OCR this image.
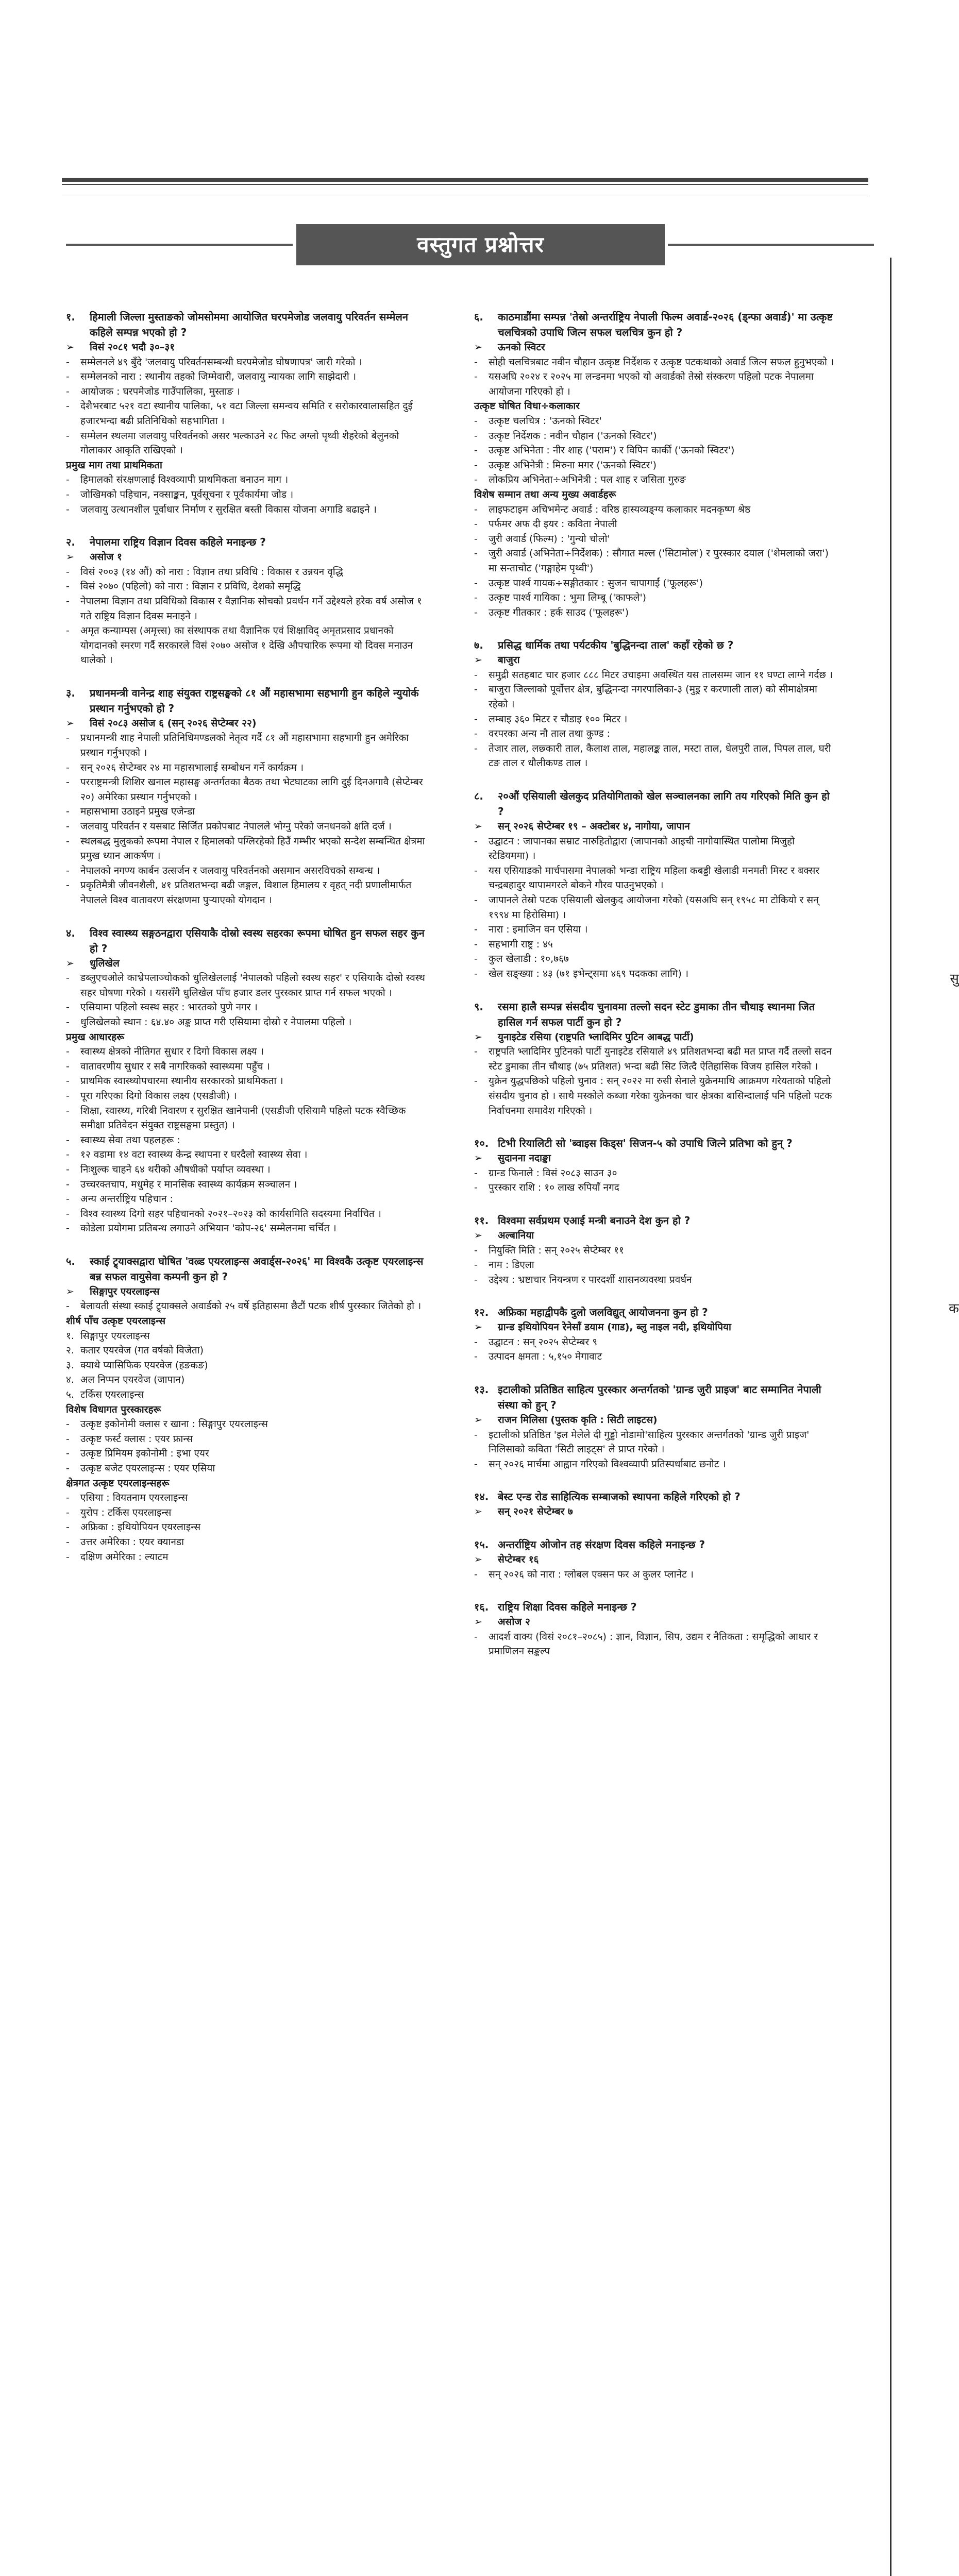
वस्तुगत प्रश्नोत्तर
सु
क
१.	हिमाली जिल्ला मुस्ताङको जोमसोममा आयोजित घरपमेजोड जलवायु परिवर्तन सम्मेलन कहिले सम्पन्न भएको हो ?
➢	विसं २०८१ भदौ ३०–३१
-	सम्मेलनले ४९ बुँदे 'जलवायु परिवर्तनसम्बन्धी घरपमेजोड घोषणापत्र' जारी गरेको ।
-	सम्मेलनको नारा : स्थानीय तहको जिम्मेवारी, जलवायु न्यायका लागि साझेदारी ।
-	आयोजक : घरपमेजोड गाउँपालिका, मुस्ताङ ।
-	देशैभरबाट ५२१ वटा स्थानीय पालिका, ५१ वटा जिल्ला समन्वय समिति र सरोकारवालासहित दुई हजारभन्दा बढी प्रतिनिधिको सहभागिता ।
-	सम्मेलन स्थलमा जलवायु परिवर्तनको असर भल्काउने २८ फिट अग्लो पृथ्वी शैहरेको बेलुनको गोलाकार आकृति राखिएको ।
प्रमुख माग तथा प्राथमिकता
-	हिमालको संरक्षणलाई विश्वव्यापी प्राथमिकता बनाउन माग ।
-	जोखिमको पहिचान, नक्साङ्कन, पूर्वसूचना र पूर्वकार्यमा जोड ।
-	जलवायु उत्थानशील पूर्वाधार निर्माण र सुरक्षित बस्ती विकास योजना अगाडि बढाइने ।
२.	नेपालमा राष्ट्रिय विज्ञान दिवस कहिले मनाइन्छ ?
➢	असोज १
-	विसं २००३ (१४ औं) को नारा : विज्ञान तथा प्रविधि : विकास र उन्नयन वृद्धि
-	विसं २०७० (पहिलो) को नारा : विज्ञान र प्रविधि, देशको समृद्धि
-	नेपालमा विज्ञान तथा प्रविधिको विकास र वैज्ञानिक सोचको प्रवर्धन गर्ने उद्देश्यले हरेक वर्ष असोज १ गते राष्ट्रिय विज्ञान दिवस मनाइने ।
-	अमृत कन्याम्पस (अमृत्त्स) का संस्थापक तथा वैज्ञानिक एवं शिक्षाविद् अमृतप्रसाद प्रधानको योगदानको स्मरण गर्दै सरकारले विसं २०७० असोज १ देखि औपचारिक रूपमा यो दिवस मनाउन थालेको ।
३.	प्रधानमन्त्री वानेन्द्र शाह संयुक्त राष्ट्रसङ्घको ८१ औं महासभामा सहभागी हुन कहिले न्युयोर्क प्रस्थान गर्नुभएको हो ?
➢	विसं २०८३ असोज ६ (सन् २०२६ सेप्टेम्बर २२)
-	प्रधानमन्त्री शाह नेपाली प्रतिनिधिमण्डलको नेतृत्व गर्दै ८१ औं महासभामा सहभागी हुन अमेरिका प्रस्थान गर्नुभएको ।
-	सन् २०२६ सेप्टेम्बर २४ मा महासभालाई सम्बोधन गर्ने कार्यक्रम ।
-	परराष्ट्रमन्त्री शिशिर खनाल महासङ्घ अन्तर्गतका बैठक तथा भेटघाटका लागि दुई दिनअगावै (सेप्टेम्बर २०) अमेरिका प्रस्थान गर्नुभएको ।
-	महासभामा उठाइने प्रमुख एजेन्डा
-	जलवायु परिवर्तन र यसबाट सिर्जित प्रकोपबाट नेपालले भोग्नु परेको जनधनको क्षति दर्ज ।
-	स्थलबद्ध मुलुकको रूपमा नेपाल र हिमालको पग्लिरहेको हिउँ गम्भीर भएको सन्देश सम्बन्धित क्षेत्रमा प्रमुख ध्यान आकर्षण ।
-	नेपालको नगण्य कार्बन उत्सर्जन र जलवायु परिवर्तनको असमान असरविचको सम्बन्ध ।
-	प्रकृतिमैत्री जीवनशैली, ४१ प्रतिशतभन्दा बढी जङ्गल, विशाल हिमालय र वृहत् नदी प्रणालीमार्फत नेपालले विश्व वातावरण संरक्षणमा पुर्‍याएको योगदान ।
४.	विश्व स्वास्थ्य सङ्गठनद्वारा एसियाकै दोस्रो स्वस्थ सहरका रूपमा घोषित हुन सफल सहर कुन हो ?
➢	धुलिखेल
-	डब्लुएचओले काभ्रेपलाञ्चोकको धुलिखेललाई 'नेपालको पहिलो स्वस्थ सहर' र एसियाकै दोस्रो स्वस्थ सहर घोषणा गरेको । यससँगै धुलिखेल पाँच हजार डलर पुरस्कार प्राप्त गर्न सफल भएको ।
-	एसियामा पहिलो स्वस्थ सहर : भारतको पुणे नगर ।
-	धुलिखेलको स्थान : ६४.४० अङ्क प्राप्त गरी एसियामा दोस्रो र नेपालमा पहिलो ।
प्रमुख आधारहरू
-	स्वास्थ्य क्षेत्रको नीतिगत सुधार र दिगो विकास लक्ष्य ।
-	वातावरणीय सुधार र सबै नागरिकको स्वास्थ्यमा पहुँच ।
-	प्राथमिक स्वास्थ्योपचारमा स्थानीय सरकारको प्राथमिकता ।
-	पूरा गरिएका दिगो विकास लक्ष्य (एसडीजी) ।
-	शिक्षा, स्वास्थ्य, गरिबी निवारण र सुरक्षित खानेपानी (एसडीजी एसियामै पहिलो पटक स्वैच्छिक समीक्षा प्रतिवेदन संयुक्त राष्ट्रसङ्घमा प्रस्तुत) ।
-	स्वास्थ्य सेवा तथा पहलहरू :
-	१२ वडामा १४ वटा स्वास्थ्य केन्द्र स्थापना र घरदैलो स्वास्थ्य सेवा ।
-	निःशुल्क चाहने ६४ थरीको औषधीको पर्याप्त व्यवस्था ।
-	उच्चरक्तचाप, मधुमेह र मानसिक स्वास्थ्य कार्यक्रम सञ्चालन ।
-	अन्य अन्तर्राष्ट्रिय पहिचान :
-	विश्व स्वास्थ्य दिगो सहर पहिचानको २०२१–२०२३ को कार्यसमिति सदस्यमा निर्वाचित ।
-	कोडेला प्रयोगमा प्रतिबन्ध लगाउने अभियान 'कोप-२६' सम्मेलनमा चर्चित ।
५.	स्काई ट्र्याक्सद्वारा घोषित 'वल्र्ड एयरलाइन्स अवार्ड्स-२०२६' मा विश्वकै उत्कृष्ट एयरलाइन्स बन्न सफल वायुसेवा कम्पनी कुन हो ?
➢	सिङ्गापुर एयरलाइन्स
-	बेलायती संस्था स्काई ट्र्याक्सले अवार्डको २५ वर्षे इतिहासमा छैटौं पटक शीर्ष पुरस्कार जितेको हो ।
शीर्ष पाँच उत्कृष्ट एयरलाइन्स
१. सिङ्गापुर एयरलाइन्स
२. कतार एयरवेज (गत वर्षको विजेता)
३. क्याथे प्यासिफिक एयरवेज (हङकङ)
४. अल निप्पन एयरवेज (जापान)
५. टर्किस एयरलाइन्स
विशेष विधागत पुरस्कारहरू
-	उत्कृष्ट इकोनोमी क्लास र खाना : सिङ्गापुर एयरलाइन्स
-	उत्कृष्ट फर्स्ट क्लास : एयर फ्रान्स
-	उत्कृष्ट प्रिमियम इकोनोमी : इभा एयर
-	उत्कृष्ट बजेट एयरलाइन्स : एयर एसिया
क्षेत्रगत उत्कृष्ट एयरलाइन्सहरू
-	एसिया : वियतनाम एयरलाइन्स
-	युरोप : टर्किस एयरलाइन्स
-	अफ्रिका : इथियोपियन एयरलाइन्स
-	उत्तर अमेरिका : एयर क्यानडा
-	दक्षिण अमेरिका : ल्याटम
६.	काठमाडौंमा सम्पन्न 'तेस्रो अन्तर्राष्ट्रिय नेपाली फिल्म अवार्ड-२०२६ (ड्न्फा अवार्ड)' मा उत्कृष्ट चलचित्रको उपाधि जित्न सफल चलचित्र कुन हो ?
➢	ऊनको स्विटर
-	सोही चलचित्रबाट नवीन चौहान उत्कृष्ट निर्देशक र उत्कृष्ट पटकथाको अवार्ड जित्न सफल हुनुभएको ।
-	यसअघि २०२४ र २०२५ मा लन्डनमा भएको यो अवार्डको तेस्रो संस्करण पहिलो पटक नेपालमा आयोजना गरिएको हो ।
उत्कृष्ट घोषित विधा÷कलाकार
-	उत्कृष्ट चलचित्र : 'ऊनको स्विटर'
-	उत्कृष्ट निर्देशक : नवीन चौहान ('ऊनको स्विटर')
-	उत्कृष्ट अभिनेता : नीर शाह ('पराम') र विपिन कार्की ('ऊनको स्विटर')
-	उत्कृष्ट अभिनेत्री : मिरुना मगर ('ऊनको स्विटर')
-	लोकप्रिय अभिनेता÷अभिनेत्री : पल शाह र जसिता गुरुङ
विशेष सम्मान तथा अन्य मुख्य अवार्डहरू
-	लाइफटाइम अचिभमेन्ट अवार्ड : वरिष्ठ हास्यव्यङ्ग्य कलाकार मदनकृष्ण श्रेष्ठ
-	पर्फमर अफ दी इयर : कविता नेपाली
-	जुरी अवार्ड (फिल्म) : 'गुन्यो चोलो'
-	जुरी अवार्ड (अभिनेता÷निर्देशक) : सौगात मल्ल ('सिटामोल') र पुरस्कार दयाल ('शेमलाको जरा') मा सन्ताचोट ('गङ्गाहेम पृथ्वी')
-	उत्कृष्ट पार्श्व गायक÷सङ्गीतकार : सुजन चापागाईं ('फूलहरू')
-	उत्कृष्ट पार्श्व गायिका : भुमा लिम्बू ('काफले')
-	उत्कृष्ट गीतकार : हर्क साउद ('फूलहरू')
७.	प्रसिद्ध धार्मिक तथा पर्यटकीय 'बुद्धिनन्दा ताल' कहाँ रहेको छ ?
➢	बाजुरा
-	समुद्री सतहबाट चार हजार ८८८ मिटर उचाइमा अवस्थित यस तालसम्म जान ११ घण्टा लाग्ने गर्दछ ।
-	बाजुरा जिल्लाको पूर्वोत्तर क्षेत्र, बुद्धिनन्दा नगरपालिका-३ (मुड्र्र र करणाली ताल) को सीमाक्षेत्रमा रहेको ।
-	लम्बाइ ३६० मिटर र चौडाइ १०० मिटर ।
-	वरपरका अन्य नौ ताल तथा कुण्ड :
-	तेजार ताल, लछ्कारी ताल, कैलाश ताल, महालङ्क ताल, मस्टा ताल, धेलपुरी ताल, पिपल ताल, घरी टङ ताल र धौलीकण्ड ताल ।
८.	२०औं एसियाली खेलकुद प्रतियोगिताको खेल सञ्चालनका लागि तय गरिएको मिति कुन हो ?
➢	सन् २०२६ सेप्टेम्बर १९ – अक्टोबर ४, नागोया, जापान
-	उद्घाटन : जापानका सम्राट नारुहितोद्वारा (जापानको आइची नागोयास्थित पालोमा मिजुहो स्टेडियममा) ।
-	यस एसियाडको मार्चपासमा नेपालको भन्डा राष्ट्रिय महिला कबड्डी खेलाडी मनमती मिस्ट र बक्सर चन्द्रबहादुर थापामगरले बोकने गौरव पाउनुभएको ।
-	जापानले तेस्रो पटक एसियाली खेलकुद आयोजना गरेको (यसअघि सन् १९५८ मा टोकियो र सन् १९९४ मा हिरोसिमा) ।
-	नारा : इमाजिन वन एसिया ।
-	सहभागी राष्ट्र : ४५
-	कुल खेलाडी : १०,७६७
-	खेल सङ्ख्या : ४३ (७१ इभेन्ट्समा ४६९ पदकका लागि) ।
९.	रसमा हालै सम्पन्न संसदीय चुनावमा तल्लो सदन स्टेट डुमाका तीन चौथाइ स्थानमा जित हासिल गर्न सफल पार्टी कुन हो ?
➢	युनाइटेड रसिया (राष्ट्रपति भ्लादिमिर पुटिन आबद्ध पार्टी)
-	राष्ट्रपति भ्लादिमिर पुटिनको पार्टी युनाइटेड रसियाले ४९ प्रतिशतभन्दा बढी मत प्राप्त गर्दै तल्लो सदन स्टेट डुमाका तीन चौथाइ (७५ प्रतिशत) भन्दा बढी सिट जित्दै ऐतिहासिक विजय हासिल गरेको ।
-	युक्रेन युद्धपछिको पहिलो चुनाव : सन् २०२२ मा रुसी सेनाले युक्रेनमाथि आक्रमण गरेयताको पहिलो संसदीय चुनाव हो । साथै मस्कोले कब्जा गरेका युक्रेनका चार क्षेत्रका बासिन्दालाई पनि पहिलो पटक निर्वाचनमा समावेश गरिएको ।
१०. टिभी रियालिटी सो 'ब्वाइस किड्स' सिजन-५ को उपाधि जित्ने प्रतिभा को हुन् ?
➢	सुदानना नदाङ्का
-	ग्रान्ड फिनाले : विसं २०८३ साउन ३०
-	पुरस्कार राशि : १० लाख रुपियाँ नगद
११. विश्वमा सर्वप्रथम एआई मन्त्री बनाउने देश कुन हो ?
➢	अल्बानिया
-	नियुक्ति मिति : सन् २०२५ सेप्टेम्बर ११
-	नाम : डिएला
-	उद्देश्य : भ्रष्टाचार नियन्त्रण र पारदर्शी शासनव्यवस्था प्रवर्धन
१२. अफ्रिका महाद्वीपकै दुलो जलविद्युत् आयोजनना कुन हो ?
➢	ग्रान्ड इथियोपियन रेनेसाँ डयाम (गाड), ब्लु नाइल नदी, इथियोपिया
-	उद्घाटन : सन् २०२५ सेप्टेम्बर ९
-	उत्पादन क्षमता : ५,१५० मेगावाट
१३. इटालीको प्रतिष्ठित साहित्य पुरस्कार अन्तर्गतको 'ग्रान्ड जुरी प्राइज' बाट सम्मानित नेपाली संस्था को हुन् ?
➢	राजन मिलिसा (पुस्तक कृति : सिटी लाइटस)
-	इटालीको प्रतिष्ठित 'इल मेलेले दी गुड्डो नोडामो'साहित्य पुरस्कार अन्तर्गतको 'ग्रान्ड जुरी प्राइज' निलिसाको कविता 'सिटी लाइट्स' ले प्राप्त गरेको ।
-	सन् २०२६ मार्चमा आह्वान गरिएको विश्वव्यापी प्रतिस्पर्धाबाट छनोट ।
१४. बेस्ट एन्ड रोड साहित्यिक सम्बाजको स्थापना कहिले गरिएको हो ?
➢	सन् २०२१ सेप्टेम्बर ७
१५. अन्तर्राष्ट्रिय ओजोन तह संरक्षण दिवस कहिले मनाइन्छ ?
➢	सेप्टेम्बर १६
-	सन् २०२६ को नारा : ग्लोबल एक्सन फर अ कुलर प्लानेट ।
१६. राष्ट्रिय शिक्षा दिवस कहिले मनाइन्छ ?
➢	असोज २
-	आदर्श वाक्य (विसं २०८१–२०८५) : ज्ञान, विज्ञान, सिप, उद्यम र नैतिकता : समृद्धिको आधार र प्रमाणिलन सङ्कल्प
